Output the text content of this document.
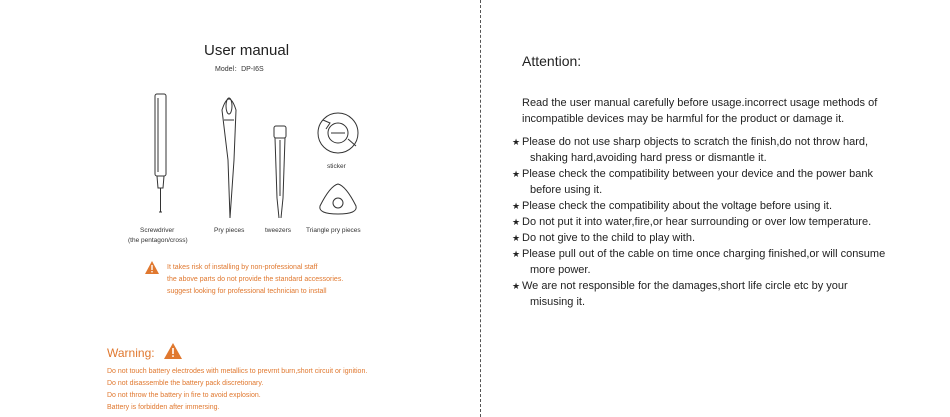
User manual
Model：DP-I6S
Screwdriver
(the pentagon/cross)
Pry pieces	tweezers
sticker
Triangle pry pieces
It takes risk of installing by non-professional staff
the above parts do not provide the standard accessories.
suggest looking for professional technician to install
Warning:
Do not touch battery electrodes with metallics to prevrnt burn,short circuit or ignition.
Do not disassemble the battery pack discretionary.
Do not throw the battery in fire to avoid explosion.
Battery is forbidden after immersing.
Attention:
Read the user manual carefully before usage.incorrect usage methods of incompatible devices may be harmful for the product or damage it.
★ Please do not use sharp objects to scratch the finish,do not throw hard,
shaking hard,avoiding hard press or dismantle it.
★ Please check the compatibility between your device and the power bank
before using it.
★ Please check the compatibility about the voltage before using it.
★ Do not put it into water,fire,or hear surrounding or over low temperature.
★ Do not give to the child to play with.
★ Please pull out of the cable on time once charging finished,or will consume
more power.
★ We are not responsible for the damages,short life circle etc by your
misusing it.
